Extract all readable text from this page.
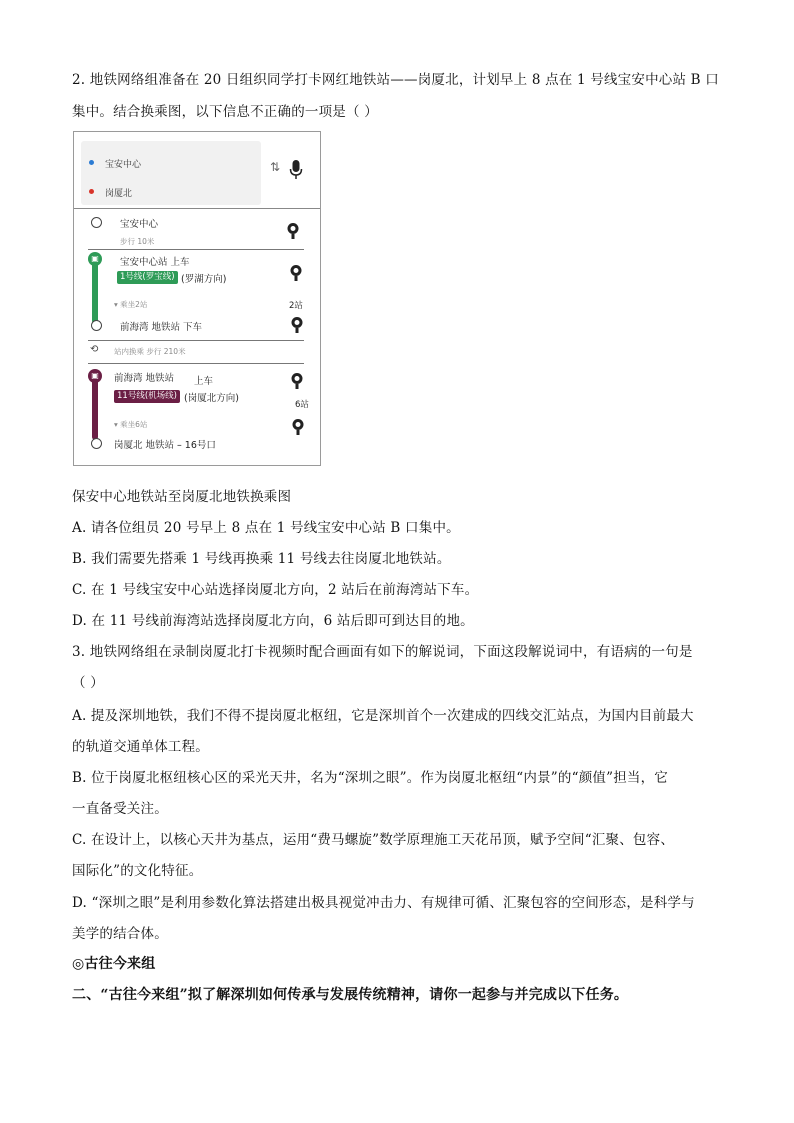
2. 地铁网络组准备在 20 日组织同学打卡网红地铁站——岗厦北，计划早上 8 点在 1 号线宝安中心站 B 口
集中。结合换乘图，以下信息不正确的一项是（ ）
宝安中心
岗厦北
⇅
宝安中心
步行 10米
▣	宝安中心站 上车
1号线(罗宝线) (罗湖方向)
▾ 乘坐2站	2站
前海湾 地铁站 下车
⟲ 站内换乘 步行 210米
▣	前海湾 地铁站 上车
11号线(机场线) (岗厦北方向)
6站
▾ 乘坐6站
岗厦北 地铁站 – 16号口
保安中心地铁站至岗厦北地铁换乘图
A. 请各位组员 20 号早上 8 点在 1 号线宝安中心站 B 口集中。
B. 我们需要先搭乘 1 号线再换乘 11 号线去往岗厦北地铁站。
C. 在 1 号线宝安中心站选择岗厦北方向，2 站后在前海湾站下车。
D. 在 11 号线前海湾站选择岗厦北方向，6 站后即可到达目的地。
3. 地铁网络组在录制岗厦北打卡视频时配合画面有如下的解说词，下面这段解说词中，有语病的一句是
（ ）
A. 提及深圳地铁，我们不得不提岗厦北枢纽，它是深圳首个一次建成的四线交汇站点，为国内目前最大
的轨道交通单体工程。
B. 位于岗厦北枢纽核心区的采光天井，名为“深圳之眼”。作为岗厦北枢纽“内景”的“颜值”担当，它
一直备受关注。
C. 在设计上，以核心天井为基点，运用“费马螺旋”数学原理施工天花吊顶，赋予空间“汇聚、包容、
国际化”的文化特征。
D. “深圳之眼”是利用参数化算法搭建出极具视觉冲击力、有规律可循、汇聚包容的空间形态，是科学与
美学的结合体。
◎古往今来组
二、“古往今来组”拟了解深圳如何传承与发展传统精神，请你一起参与并完成以下任务。
